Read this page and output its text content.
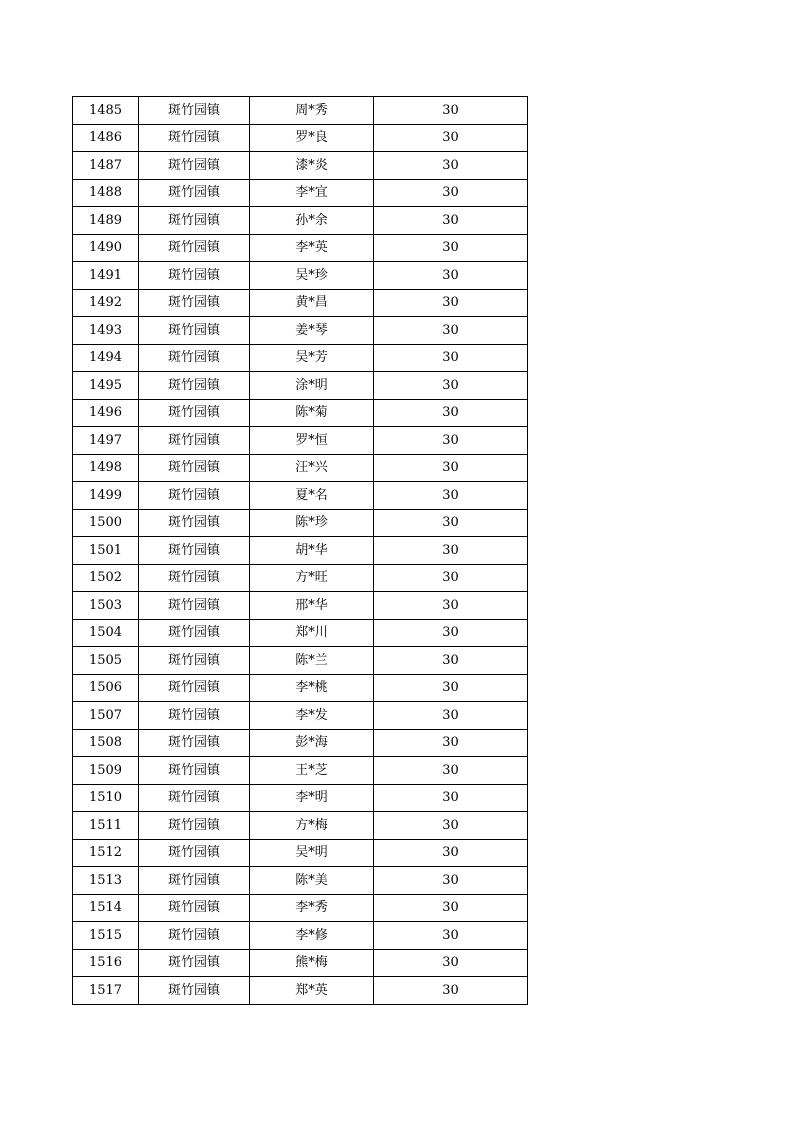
1485	斑竹园镇	周*秀	30
1486	斑竹园镇	罗*良	30
1487	斑竹园镇	漆*炎	30
1488	斑竹园镇	李*宜	30
1489	斑竹园镇	孙*余	30
1490	斑竹园镇	李*英	30
1491	斑竹园镇	吴*珍	30
1492	斑竹园镇	黄*昌	30
1493	斑竹园镇	姜*琴	30
1494	斑竹园镇	吴*芳	30
1495	斑竹园镇	涂*明	30
1496	斑竹园镇	陈*菊	30
1497	斑竹园镇	罗*恒	30
1498	斑竹园镇	汪*兴	30
1499	斑竹园镇	夏*名	30
1500	斑竹园镇	陈*珍	30
1501	斑竹园镇	胡*华	30
1502	斑竹园镇	方*旺	30
1503	斑竹园镇	邢*华	30
1504	斑竹园镇	郑*川	30
1505	斑竹园镇	陈*兰	30
1506	斑竹园镇	李*桃	30
1507	斑竹园镇	李*发	30
1508	斑竹园镇	彭*海	30
1509	斑竹园镇	王*芝	30
1510	斑竹园镇	李*明	30
1511	斑竹园镇	方*梅	30
1512	斑竹园镇	吴*明	30
1513	斑竹园镇	陈*美	30
1514	斑竹园镇	李*秀	30
1515	斑竹园镇	李*修	30
1516	斑竹园镇	熊*梅	30
1517	斑竹园镇	郑*英	30
